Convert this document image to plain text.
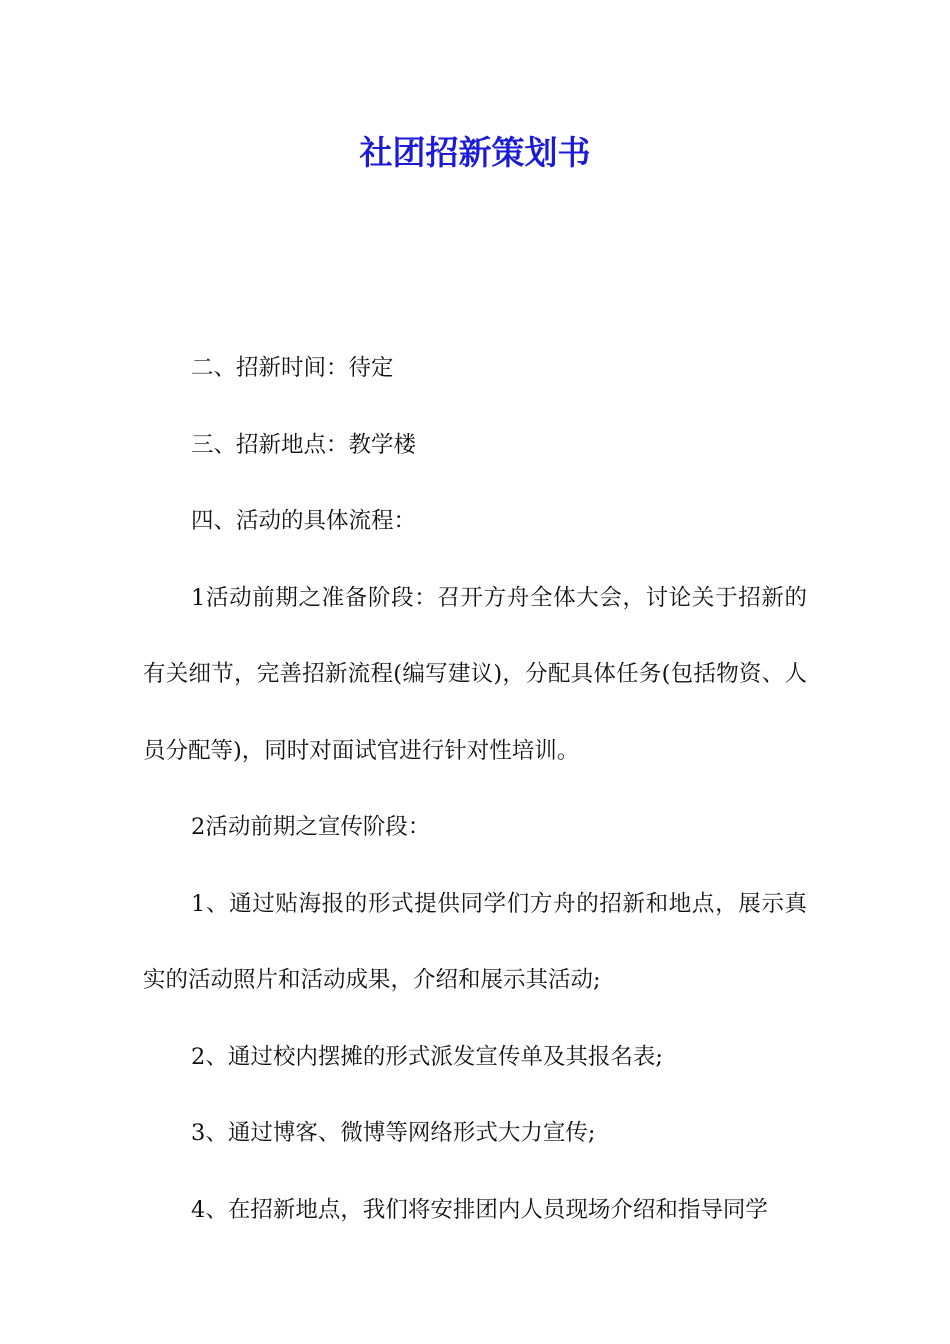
社团招新策划书

二、招新时间：待定

三、招新地点：教学楼

四、活动的具体流程：

1活动前期之准备阶段：召开方舟全体大会，讨论关于招新的有关细节，完善招新流程(编写建议)，分配具体任务(包括物资、人员分配等)，同时对面试官进行针对性培训。

2活动前期之宣传阶段：

1、通过贴海报的形式提供同学们方舟的招新和地点，展示真实的活动照片和活动成果，介绍和展示其活动;

2、通过校内摆摊的形式派发宣传单及其报名表;

3、通过博客、微博等网络形式大力宣传;

4、在招新地点，我们将安排团内人员现场介绍和指导同学
